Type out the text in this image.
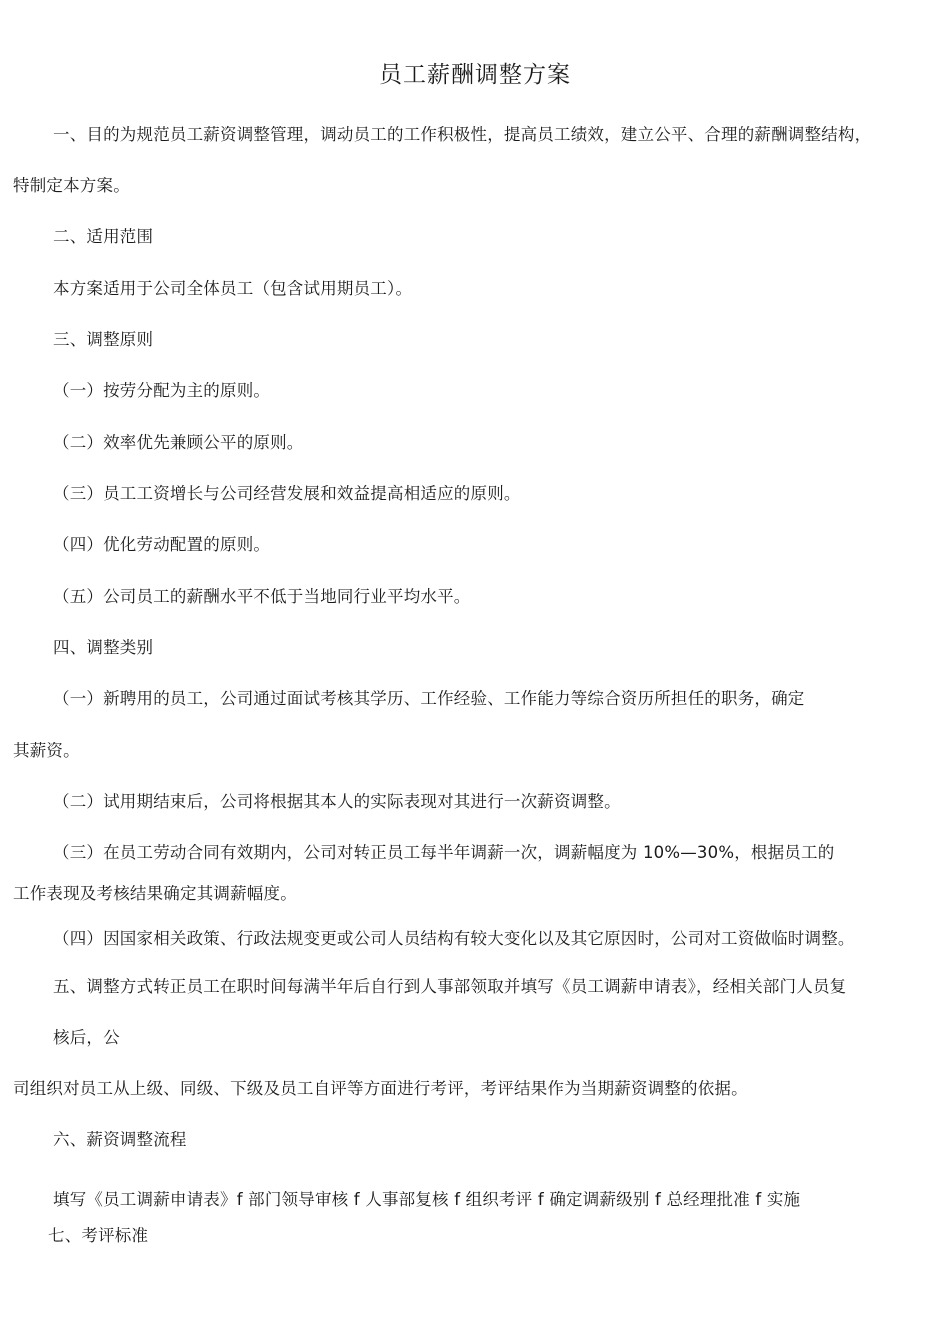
员工薪酬调整方案
一、目的为规范员工薪资调整管理，调动员工的工作积极性，提高员工绩效，建立公平、合理的薪酬调整结构，
特制定本方案。
二、适用范围
本方案适用于公司全体员工（包含试用期员工）。
三、调整原则
（一）按劳分配为主的原则。
（二）效率优先兼顾公平的原则。
（三）员工工资增长与公司经营发展和效益提高相适应的原则。
（四）优化劳动配置的原则。
（五）公司员工的薪酬水平不低于当地同行业平均水平。
四、调整类别
（一）新聘用的员工，公司通过面试考核其学历、工作经验、工作能力等综合资历所担任的职务，确定
其薪资。
（二）试用期结束后，公司将根据其本人的实际表现对其进行一次薪资调整。
（三）在员工劳动合同有效期内，公司对转正员工每半年调薪一次，调薪幅度为 10%—30%，根据员工的
工作表现及考核结果确定其调薪幅度。
（四）因国家相关政策、行政法规变更或公司人员结构有较大变化以及其它原因时，公司对工资做临时调整。
五、调整方式转正员工在职时间每满半年后自行到人事部领取并填写《员工调薪申请表》，经相关部门人员复
核后，公
司组织对员工从上级、同级、下级及员工自评等方面进行考评，考评结果作为当期薪资调整的依据。
六、薪资调整流程
填写《员工调薪申请表》f 部门领导审核 f 人事部复核 f 组织考评 f 确定调薪级别 f 总经理批准 f 实施
七、考评标准
